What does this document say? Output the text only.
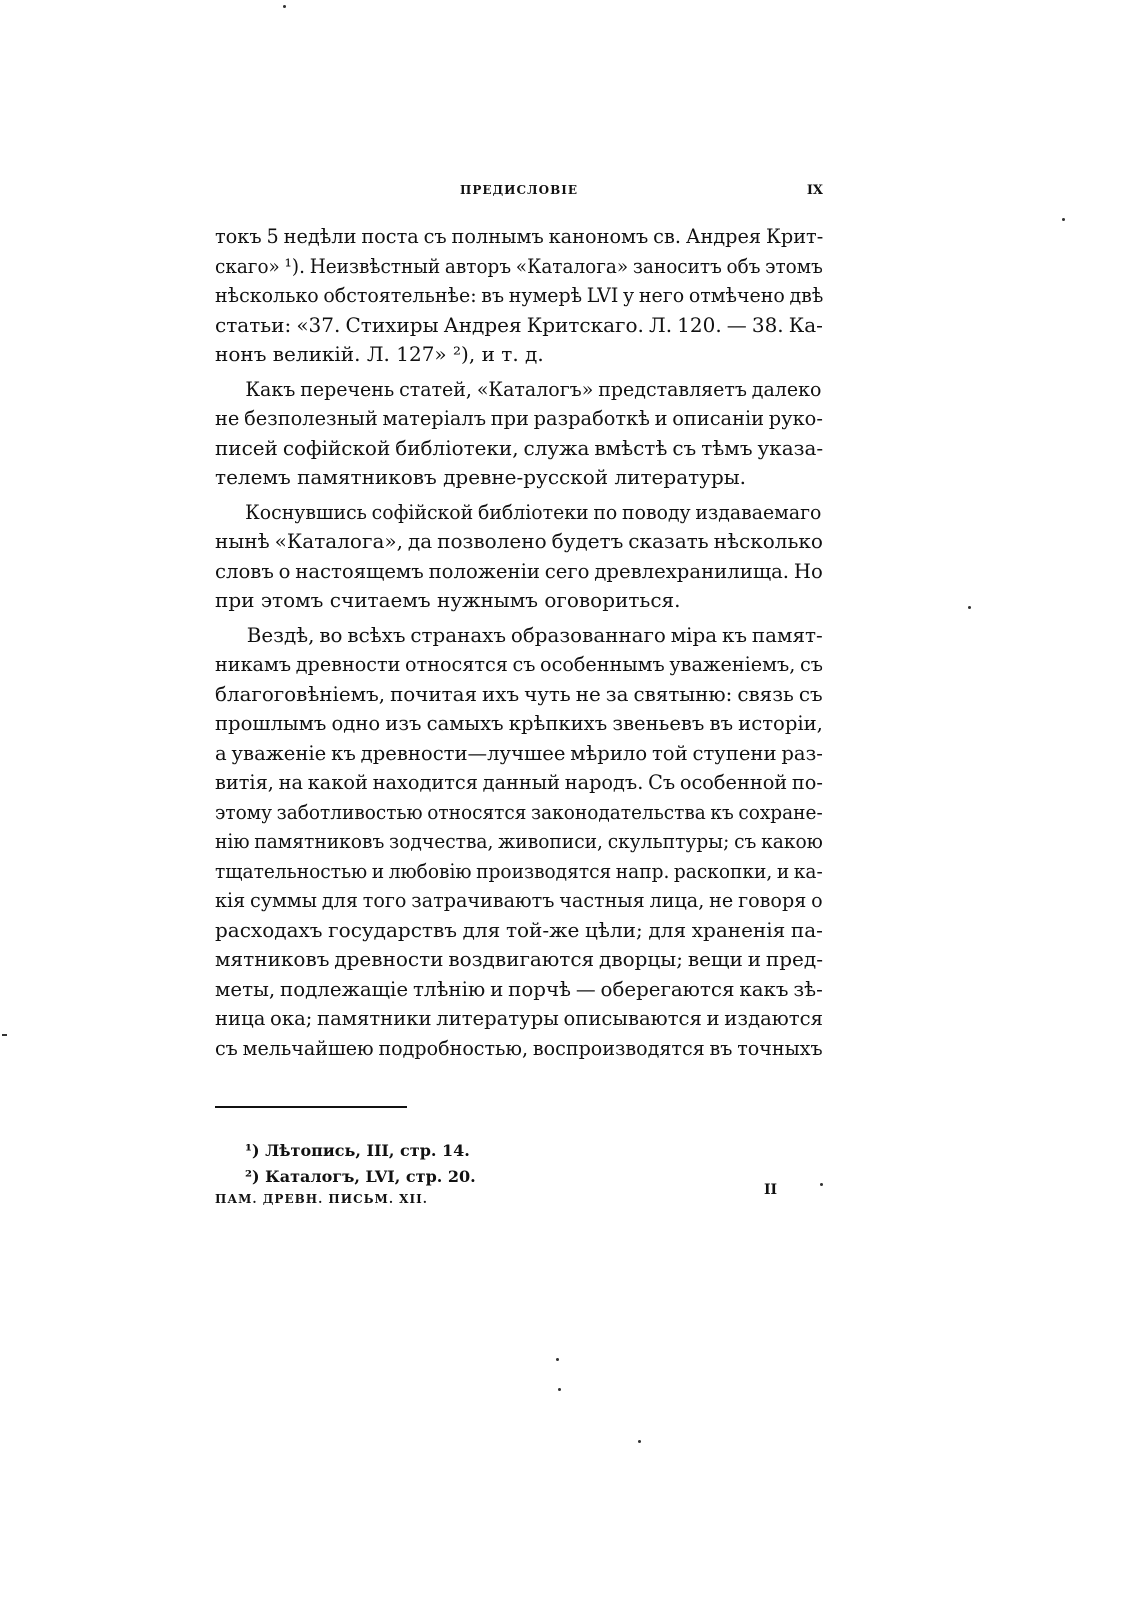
ПРЕДИСЛОВІЕ	IX
токъ 5 недѣли поста съ полнымъ канономъ св. Андрея Крит-
скаго» ¹). Неизвѣстный авторъ «Каталога» заноситъ объ этомъ
нѣсколько обстоятельнѣе: въ нумерѣ LVI у него отмѣчено двѣ
статьи: «37. Стихиры Андрея Критскаго. Л. 120. — 38. Ка-
нонъ великій. Л. 127» ²), и т. д.
Какъ перечень статей, «Каталогъ» представляетъ далеко
не безполезный матеріалъ при разработкѣ и описаніи руко-
писей софійской библіотеки, служа вмѣстѣ съ тѣмъ указа-
телемъ памятниковъ древне-русской литературы.
Коснувшись софійской библіотеки по поводу издаваемаго
нынѣ «Каталога», да позволено будетъ сказать нѣсколько
словъ о настоящемъ положеніи сего древлехранилища. Но
при этомъ считаемъ нужнымъ оговориться.
Вездѣ, во всѣхъ странахъ образованнаго міра къ памят-
никамъ древности относятся съ особеннымъ уваженіемъ, съ
благоговѣніемъ, почитая ихъ чуть не за святыню: связь съ
прошлымъ одно изъ самыхъ крѣпкихъ звеньевъ въ исторіи,
а уваженіе къ древности—лучшее мѣрило той ступени раз-
витія, на какой находится данный народъ. Съ особенной по-
этому заботливостью относятся законодательства къ сохране-
нію памятниковъ зодчества, живописи, скульптуры; съ какою
тщательностью и любовію производятся напр. раскопки, и ка-
кія суммы для того затрачиваютъ частныя лица, не говоря о
расходахъ государствъ для той-же цѣли; для храненія па-
мятниковъ древности воздвигаются дворцы; вещи и пред-
меты, подлежащіе тлѣнію и порчѣ — оберегаются какъ зѣ-
ница ока; памятники литературы описываются и издаются
съ мельчайшею подробностью, воспроизводятся въ точныхъ
¹) Лѣтопись, III, стр. 14.
²) Каталогъ, LVI, стр. 20.
ПАМ. ДРЕВН. ПИСЬМ. XII.
II
